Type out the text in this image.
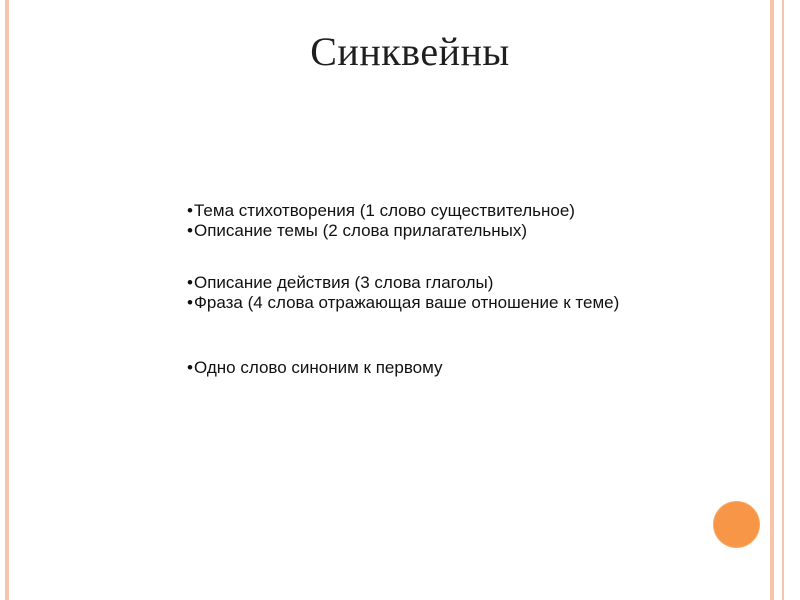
Синквейны

• Тема стихотворения (1 слово существительное)

• Описание темы (2 слова прилагательных)

• Описание действия (3 слова глаголы)

• Фраза (4 слова отражающая ваше отношение к теме)

• Одно слово синоним к первому
